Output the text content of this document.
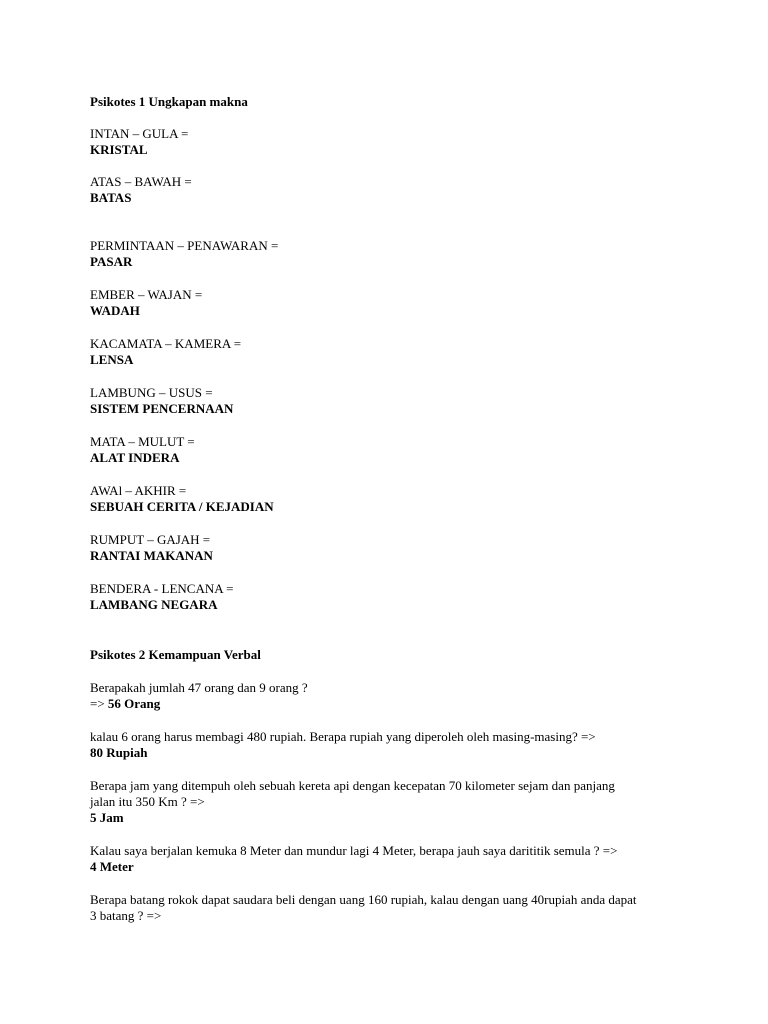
Psikotes 1 Ungkapan makna

INTAN – GULA =
KRISTAL
ATAS – BAWAH =
BATAS
PERMINTAAN – PENAWARAN =
PASAR
EMBER – WAJAN =
WADAH
KACAMATA – KAMERA =
LENSA
LAMBUNG – USUS =
SISTEM PENCERNAAN
MATA – MULUT =
ALAT INDERA
AWAl – AKHIR =
SEBUAH CERITA / KEJADIAN
RUMPUT – GAJAH =
RANTAI MAKANAN
BENDERA - LENCANA =
LAMBANG NEGARA

Psikotes 2 Kemampuan Verbal

Berapakah jumlah 47 orang dan 9 orang ?
=> 56 Orang
kalau 6 orang harus membagi 480 rupiah. Berapa rupiah yang diperoleh oleh masing-masing? =>
80 Rupiah
Berapa jam yang ditempuh oleh sebuah kereta api dengan kecepatan 70 kilometer sejam dan panjang
jalan itu 350 Km ? =>
5 Jam
Kalau saya berjalan kemuka 8 Meter dan mundur lagi 4 Meter, berapa jauh saya darititik semula ? =>
4 Meter
Berapa batang rokok dapat saudara beli dengan uang 160 rupiah, kalau dengan uang 40rupiah anda dapat
3 batang ? =>
